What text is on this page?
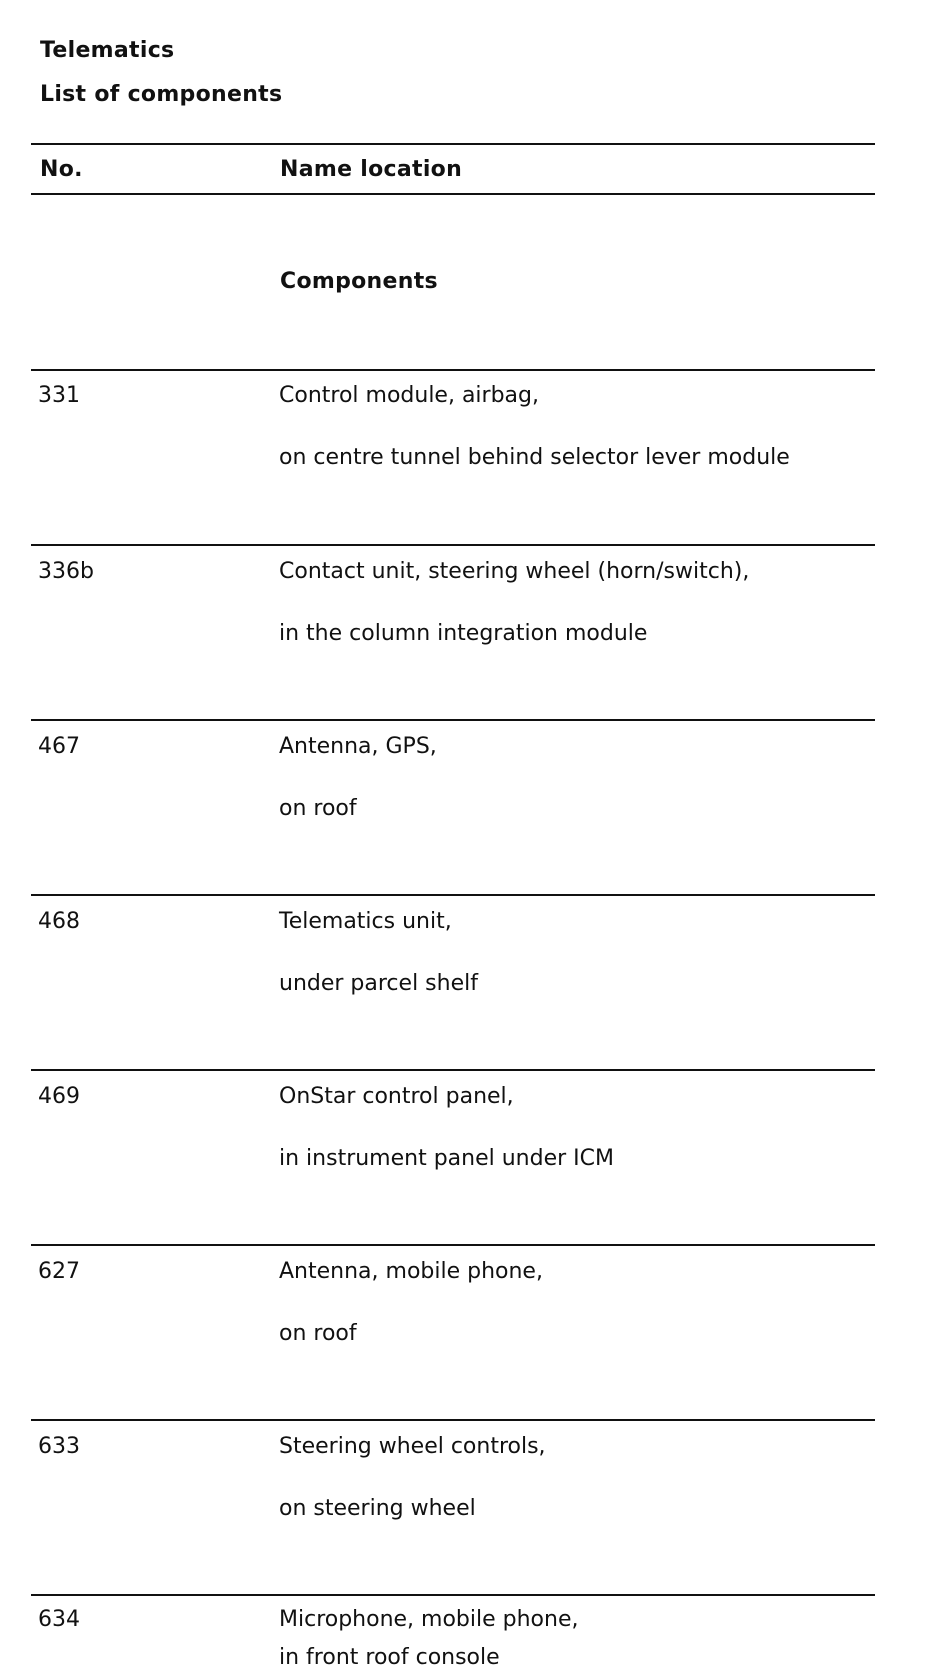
Telematics
List of components
No.	Name location
Components
331	Control module, airbag,
on centre tunnel behind selector lever module
336b	Contact unit, steering wheel (horn/switch),
in the column integration module
467	Antenna, GPS,
on roof
468	Telematics unit,
under parcel shelf
469	OnStar control panel,
in instrument panel under ICM
627	Antenna, mobile phone,
on roof
633	Steering wheel controls,
on steering wheel
634	Microphone, mobile phone,
in front roof console
